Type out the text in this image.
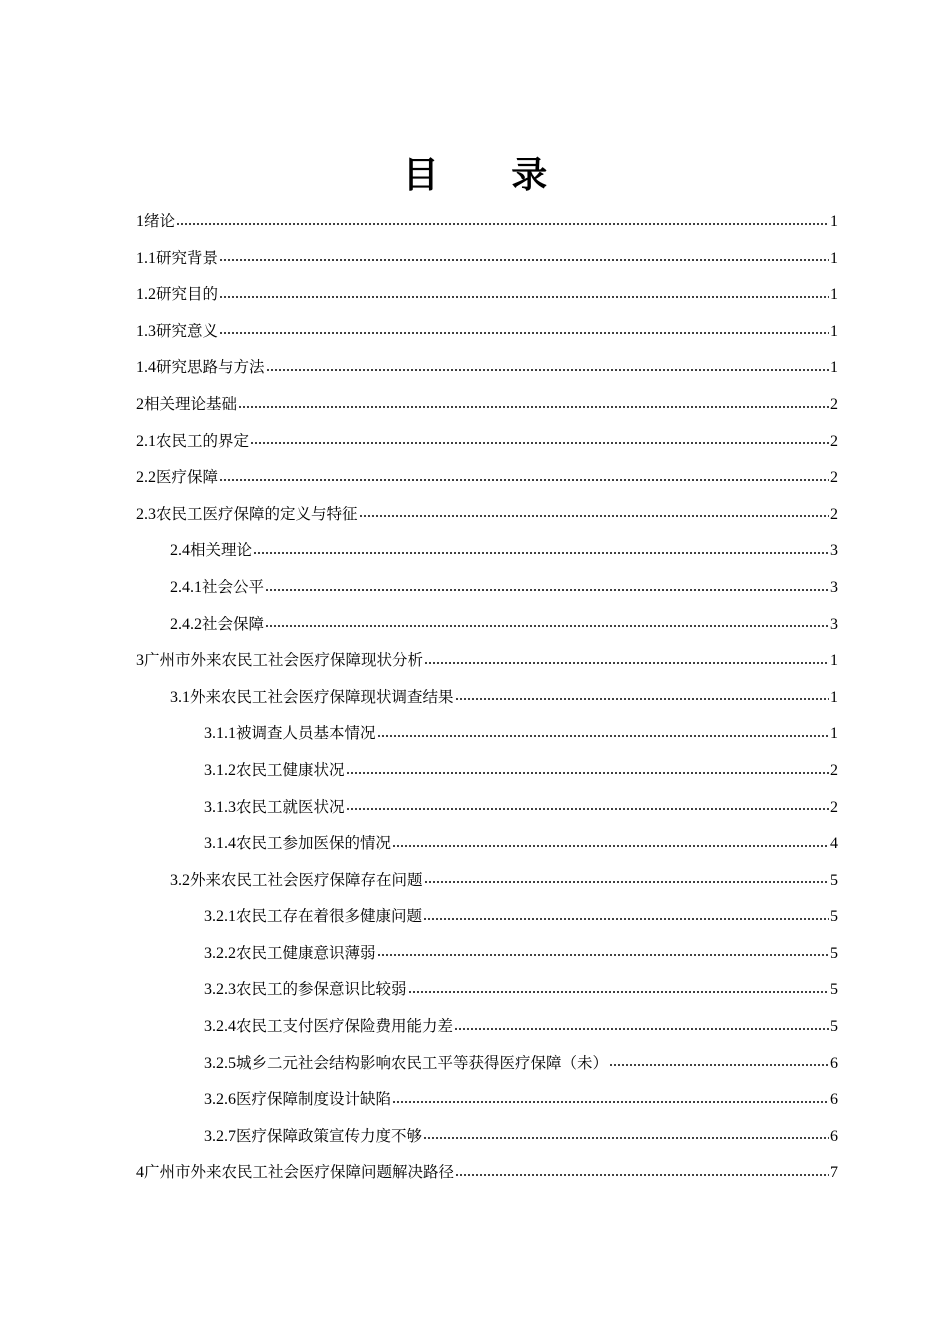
目 录
1 绪论	1
1.1 研究背景	1
1.2 研究目的	1
1.3 研究意义	1
1.4 研究思路与方法	1
2 相关理论基础	2
2.1 农民工的界定	2
2.2 医疗保障	2
2.3 农民工医疗保障的定义与特征	2
2.4 相关理论	3
2.4.1 社会公平	3
2.4.2 社会保障	3
3 广州市外来农民工社会医疗保障现状分析	1
3.1 外来农民工社会医疗保障现状调查结果	1
3.1.1 被调查人员基本情况	1
3.1.2 农民工健康状况	2
3.1.3 农民工就医状况	2
3.1.4 农民工参加医保的情况	4
3.2 外来农民工社会医疗保障存在问题	5
3.2.1 农民工存在着很多健康问题	5
3.2.2 农民工健康意识薄弱	5
3.2.3 农民工的参保意识比较弱	5
3.2.4 农民工支付医疗保险费用能力差	5
3.2.5 城乡二元社会结构影响农民工平等获得医疗保障（未）	6
3.2.6 医疗保障制度设计缺陷	6
3.2.7 医疗保障政策宣传力度不够	6
4 广州市外来农民工社会医疗保障问题解决路径	7
